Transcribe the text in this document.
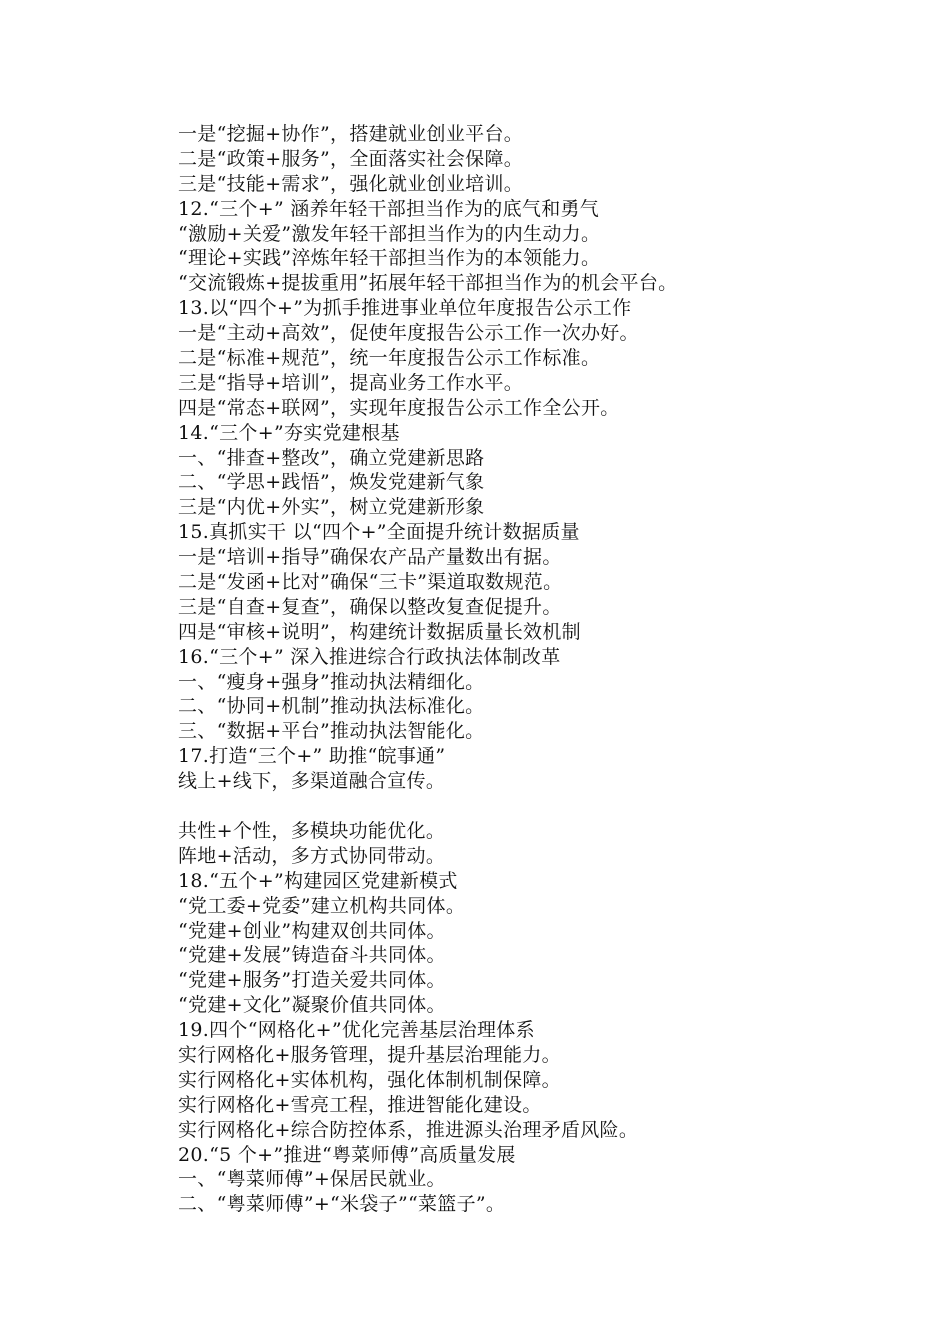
一是“挖掘+协作”，搭建就业创业平台。
二是“政策+服务”，全面落实社会保障。
三是“技能+需求”，强化就业创业培训。
12.“三个+” 涵养年轻干部担当作为的底气和勇气
“激励+关爱”激发年轻干部担当作为的内生动力。
“理论+实践”淬炼年轻干部担当作为的本领能力。
“交流锻炼+提拔重用”拓展年轻干部担当作为的机会平台。
13.以“四个+”为抓手推进事业单位年度报告公示工作
一是“主动+高效”，促使年度报告公示工作一次办好。
二是“标准+规范”，统一年度报告公示工作标准。
三是“指导+培训”，提高业务工作水平。
四是“常态+联网”，实现年度报告公示工作全公开。
14.“三个+”夯实党建根基
一、“排查+整改”，确立党建新思路
二、“学思+践悟”，焕发党建新气象
三是“内优+外实”，树立党建新形象
15.真抓实干 以“四个+”全面提升统计数据质量
一是“培训+指导”确保农产品产量数出有据。
二是“发函+比对”确保“三卡”渠道取数规范。
三是“自查+复查”，确保以整改复查促提升。
四是“审核+说明”，构建统计数据质量长效机制
16.“三个+” 深入推进综合行政执法体制改革
一、“瘦身+强身”推动执法精细化。
二、“协同+机制”推动执法标准化。
三、“数据+平台”推动执法智能化。
17.打造“三个+” 助推“皖事通”
线上+线下，多渠道融合宣传。
共性+个性，多模块功能优化。
阵地+活动，多方式协同带动。
18.“五个+”构建园区党建新模式
“党工委+党委”建立机构共同体。
“党建+创业”构建双创共同体。
“党建+发展”铸造奋斗共同体。
“党建+服务”打造关爱共同体。
“党建+文化”凝聚价值共同体。
19.四个“网格化+”优化完善基层治理体系
实行网格化+服务管理，提升基层治理能力。
实行网格化+实体机构，强化体制机制保障。
实行网格化+雪亮工程，推进智能化建设。
实行网格化+综合防控体系，推进源头治理矛盾风险。
20.“5 个+”推进“粤菜师傅”高质量发展
一、“粤菜师傅”+保居民就业。
二、“粤菜师傅”+“米袋子”“菜篮子”。
